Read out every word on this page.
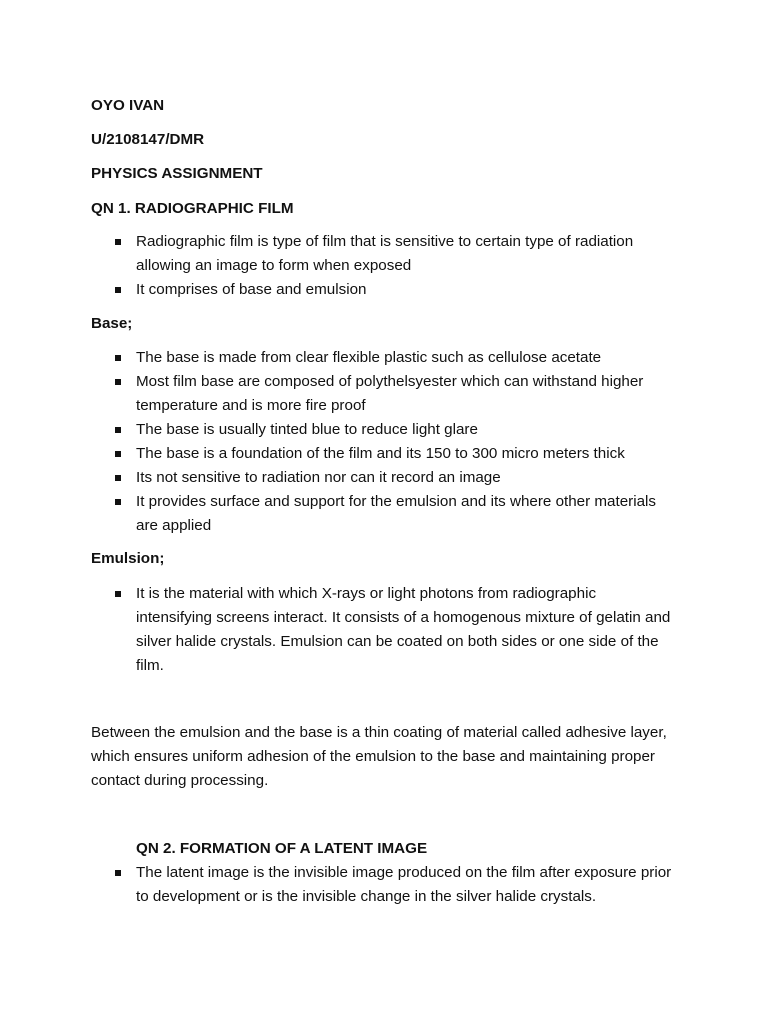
OYO IVAN
U/2108147/DMR
PHYSICS ASSIGNMENT
QN 1. RADIOGRAPHIC FILM
Radiographic film is type of film that is sensitive to certain type of radiation allowing an image to form when exposed
It comprises of base and emulsion
Base;
The base is made from clear flexible plastic such as cellulose acetate
Most film base are composed of polythelsyester which can withstand higher temperature and is more fire proof
The base is usually tinted blue to reduce light glare
The base is a foundation of the film and its 150 to 300 micro meters thick
Its not sensitive to radiation nor can it record an image
It provides surface and support for the emulsion and its where other materials are applied
Emulsion;
It is the material with which X-rays or light photons from radiographic intensifying screens interact. It consists of a homogenous mixture of gelatin and silver halide crystals. Emulsion can be coated on both sides or one side of the film.
Between the emulsion and the base is a thin coating of material called adhesive layer, which ensures uniform adhesion of the emulsion to the base and maintaining proper contact during processing.
QN 2. FORMATION OF A LATENT IMAGE
The latent image is the invisible image produced on the film after exposure prior to development or is the invisible change in the silver halide crystals.
